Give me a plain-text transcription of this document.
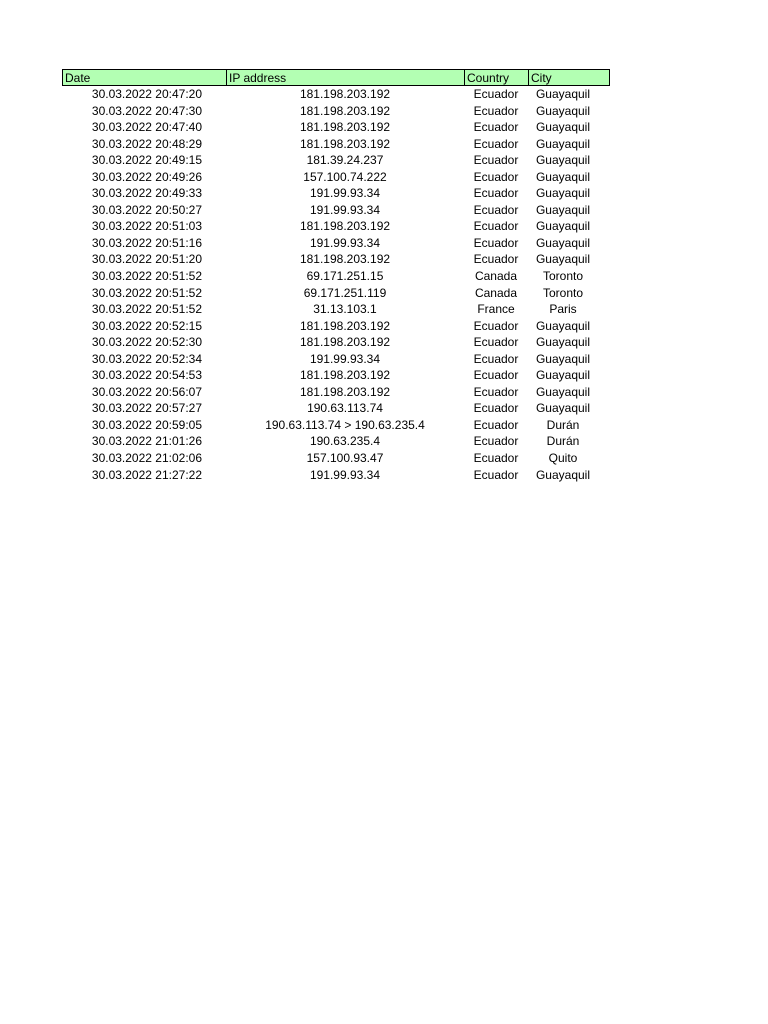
Date	IP address	Country	City
30.03.2022 20:47:20	181.198.203.192	Ecuador	Guayaquil
30.03.2022 20:47:30	181.198.203.192	Ecuador	Guayaquil
30.03.2022 20:47:40	181.198.203.192	Ecuador	Guayaquil
30.03.2022 20:48:29	181.198.203.192	Ecuador	Guayaquil
30.03.2022 20:49:15	181.39.24.237	Ecuador	Guayaquil
30.03.2022 20:49:26	157.100.74.222	Ecuador	Guayaquil
30.03.2022 20:49:33	191.99.93.34	Ecuador	Guayaquil
30.03.2022 20:50:27	191.99.93.34	Ecuador	Guayaquil
30.03.2022 20:51:03	181.198.203.192	Ecuador	Guayaquil
30.03.2022 20:51:16	191.99.93.34	Ecuador	Guayaquil
30.03.2022 20:51:20	181.198.203.192	Ecuador	Guayaquil
30.03.2022 20:51:52	69.171.251.15	Canada	Toronto
30.03.2022 20:51:52	69.171.251.119	Canada	Toronto
30.03.2022 20:51:52	31.13.103.1	France	Paris
30.03.2022 20:52:15	181.198.203.192	Ecuador	Guayaquil
30.03.2022 20:52:30	181.198.203.192	Ecuador	Guayaquil
30.03.2022 20:52:34	191.99.93.34	Ecuador	Guayaquil
30.03.2022 20:54:53	181.198.203.192	Ecuador	Guayaquil
30.03.2022 20:56:07	181.198.203.192	Ecuador	Guayaquil
30.03.2022 20:57:27	190.63.113.74	Ecuador	Guayaquil
30.03.2022 20:59:05	190.63.113.74 > 190.63.235.4	Ecuador	Durán
30.03.2022 21:01:26	190.63.235.4	Ecuador	Durán
30.03.2022 21:02:06	157.100.93.47	Ecuador	Quito
30.03.2022 21:27:22	191.99.93.34	Ecuador	Guayaquil
